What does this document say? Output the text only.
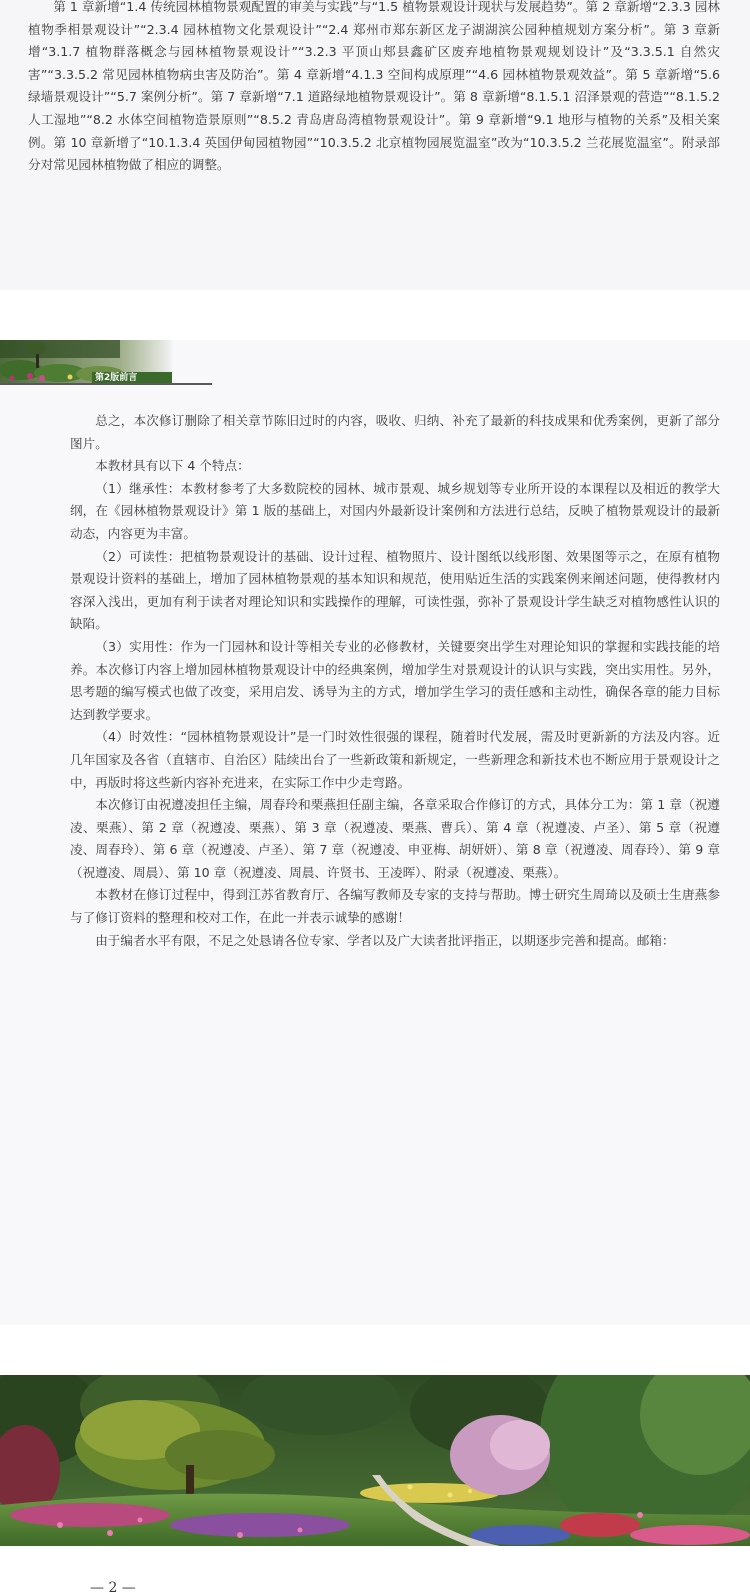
第 1 章新增“1.4 传统园林植物景观配置的审美与实践”与“1.5 植物景观设计现状与发展趋势”。第 2 章新增“2.3.3 园林植物季相景观设计”“2.3.4 园林植物文化景观设计”“2.4 郑州市郑东新区龙子湖湖滨公园种植规划方案分析”。第 3 章新增“3.1.7 植物群落概念与园林植物景观设计”“3.2.3 平顶山郏县鑫矿区废弃地植物景观规划设计”及“3.3.5.1 自然灾害”“3.3.5.2 常见园林植物病虫害及防治”。第 4 章新增“4.1.3 空间构成原理”“4.6 园林植物景观效益”。第 5 章新增“5.6 绿墙景观设计”“5.7 案例分析”。第 7 章新增“7.1 道路绿地植物景观设计”。第 8 章新增“8.1.5.1 沼泽景观的营造”“8.1.5.2 人工湿地”“8.2 水体空间植物造景原则”“8.5.2 青岛唐岛湾植物景观设计”。第 9 章新增“9.1 地形与植物的关系”及相关案例。第 10 章新增了“10.1.3.4 英国伊甸园植物园”“10.3.5.2 北京植物园展览温室”改为“10.3.5.2 兰花展览温室”。附录部分对常见园林植物做了相应的调整。

第2版前言

总之，本次修订删除了相关章节陈旧过时的内容，吸收、归纳、补充了最新的科技成果和优秀案例，更新了部分图片。

本教材具有以下 4 个特点：

（1）继承性：本教材参考了大多数院校的园林、城市景观、城乡规划等专业所开设的本课程以及相近的教学大纲，在《园林植物景观设计》第 1 版的基础上，对国内外最新设计案例和方法进行总结，反映了植物景观设计的最新动态，内容更为丰富。

（2）可读性：把植物景观设计的基础、设计过程、植物照片、设计图纸以线形图、效果图等示之，在原有植物景观设计资料的基础上，增加了园林植物景观的基本知识和规范，使用贴近生活的实践案例来阐述问题，使得教材内容深入浅出，更加有利于读者对理论知识和实践操作的理解，可读性强，弥补了景观设计学生缺乏对植物感性认识的缺陷。

（3）实用性：作为一门园林和设计等相关专业的必修教材，关键要突出学生对理论知识的掌握和实践技能的培养。本次修订内容上增加园林植物景观设计中的经典案例，增加学生对景观设计的认识与实践，突出实用性。另外，思考题的编写模式也做了改变，采用启发、诱导为主的方式，增加学生学习的责任感和主动性，确保各章的能力目标达到教学要求。

（4）时效性：“园林植物景观设计”是一门时效性很强的课程，随着时代发展，需及时更新新的方法及内容。近几年国家及各省（直辖市、自治区）陆续出台了一些新政策和新规定，一些新理念和新技术也不断应用于景观设计之中，再版时将这些新内容补充进来，在实际工作中少走弯路。

本次修订由祝遵凌担任主编，周春玲和栗燕担任副主编，各章采取合作修订的方式，具体分工为：第 1 章（祝遵凌、栗燕）、第 2 章（祝遵凌、栗燕）、第 3 章（祝遵凌、栗燕、曹兵）、第 4 章（祝遵凌、卢圣）、第 5 章（祝遵凌、周春玲）、第 6 章（祝遵凌、卢圣）、第 7 章（祝遵凌、申亚梅、胡妍妍）、第 8 章（祝遵凌、周春玲）、第 9 章（祝遵凌、周晨）、第 10 章（祝遵凌、周晨、许贤书、王凌晖）、附录（祝遵凌、栗燕）。

本教材在修订过程中，得到江苏省教育厅、各编写教师及专家的支持与帮助。博士研究生周琦以及硕士生唐燕参与了修订资料的整理和校对工作，在此一并表示诚挚的感谢！

由于编者水平有限，不足之处恳请各位专家、学者以及广大读者批评指正，以期逐步完善和提高。邮箱：

— 2 —
